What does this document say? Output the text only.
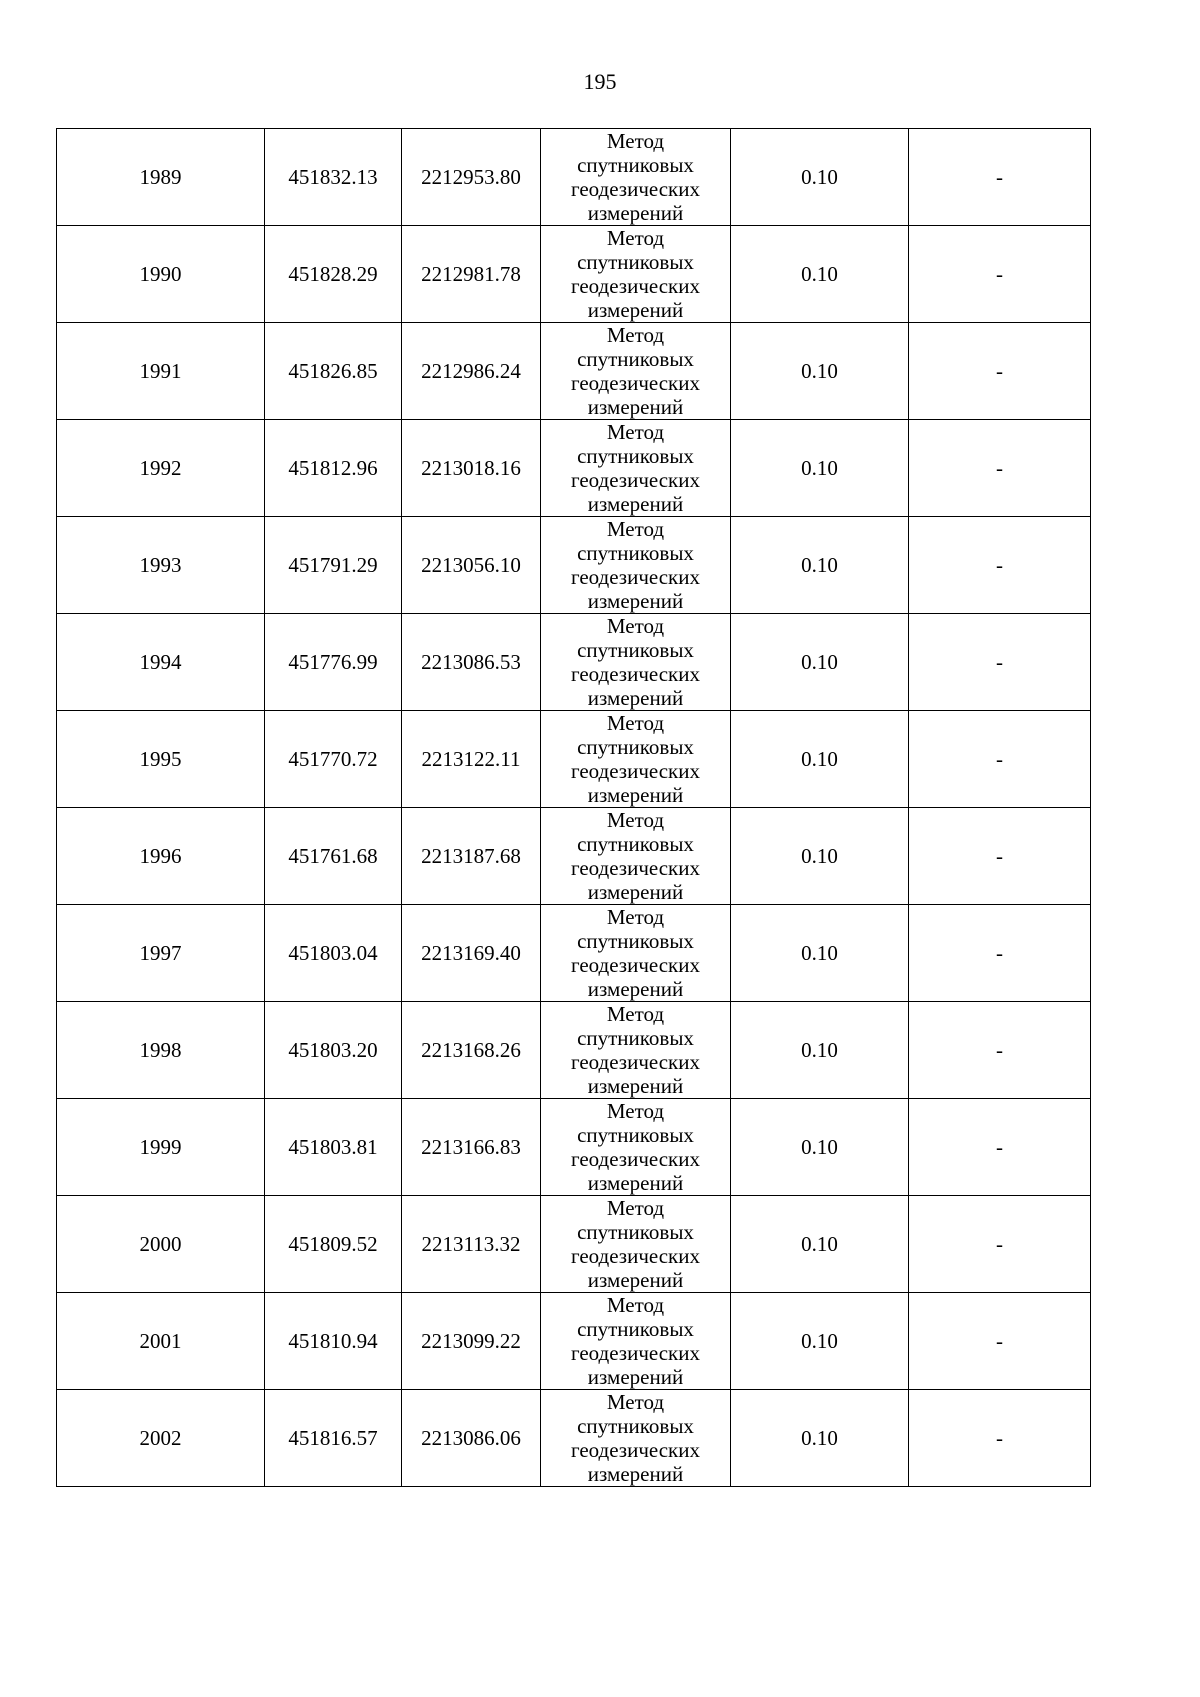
195
1989	451832.13	2212953.80	Метод
спутниковых
геодезических
измерений	0.10	-
1990	451828.29	2212981.78	Метод
спутниковых
геодезических
измерений	0.10	-
1991	451826.85	2212986.24	Метод
спутниковых
геодезических
измерений	0.10	-
1992	451812.96	2213018.16	Метод
спутниковых
геодезических
измерений	0.10	-
1993	451791.29	2213056.10	Метод
спутниковых
геодезических
измерений	0.10	-
1994	451776.99	2213086.53	Метод
спутниковых
геодезических
измерений	0.10	-
1995	451770.72	2213122.11	Метод
спутниковых
геодезических
измерений	0.10	-
1996	451761.68	2213187.68	Метод
спутниковых
геодезических
измерений	0.10	-
1997	451803.04	2213169.40	Метод
спутниковых
геодезических
измерений	0.10	-
1998	451803.20	2213168.26	Метод
спутниковых
геодезических
измерений	0.10	-
1999	451803.81	2213166.83	Метод
спутниковых
геодезических
измерений	0.10	-
2000	451809.52	2213113.32	Метод
спутниковых
геодезических
измерений	0.10	-
2001	451810.94	2213099.22	Метод
спутниковых
геодезических
измерений	0.10	-
2002	451816.57	2213086.06	Метод
спутниковых
геодезических
измерений	0.10	-
